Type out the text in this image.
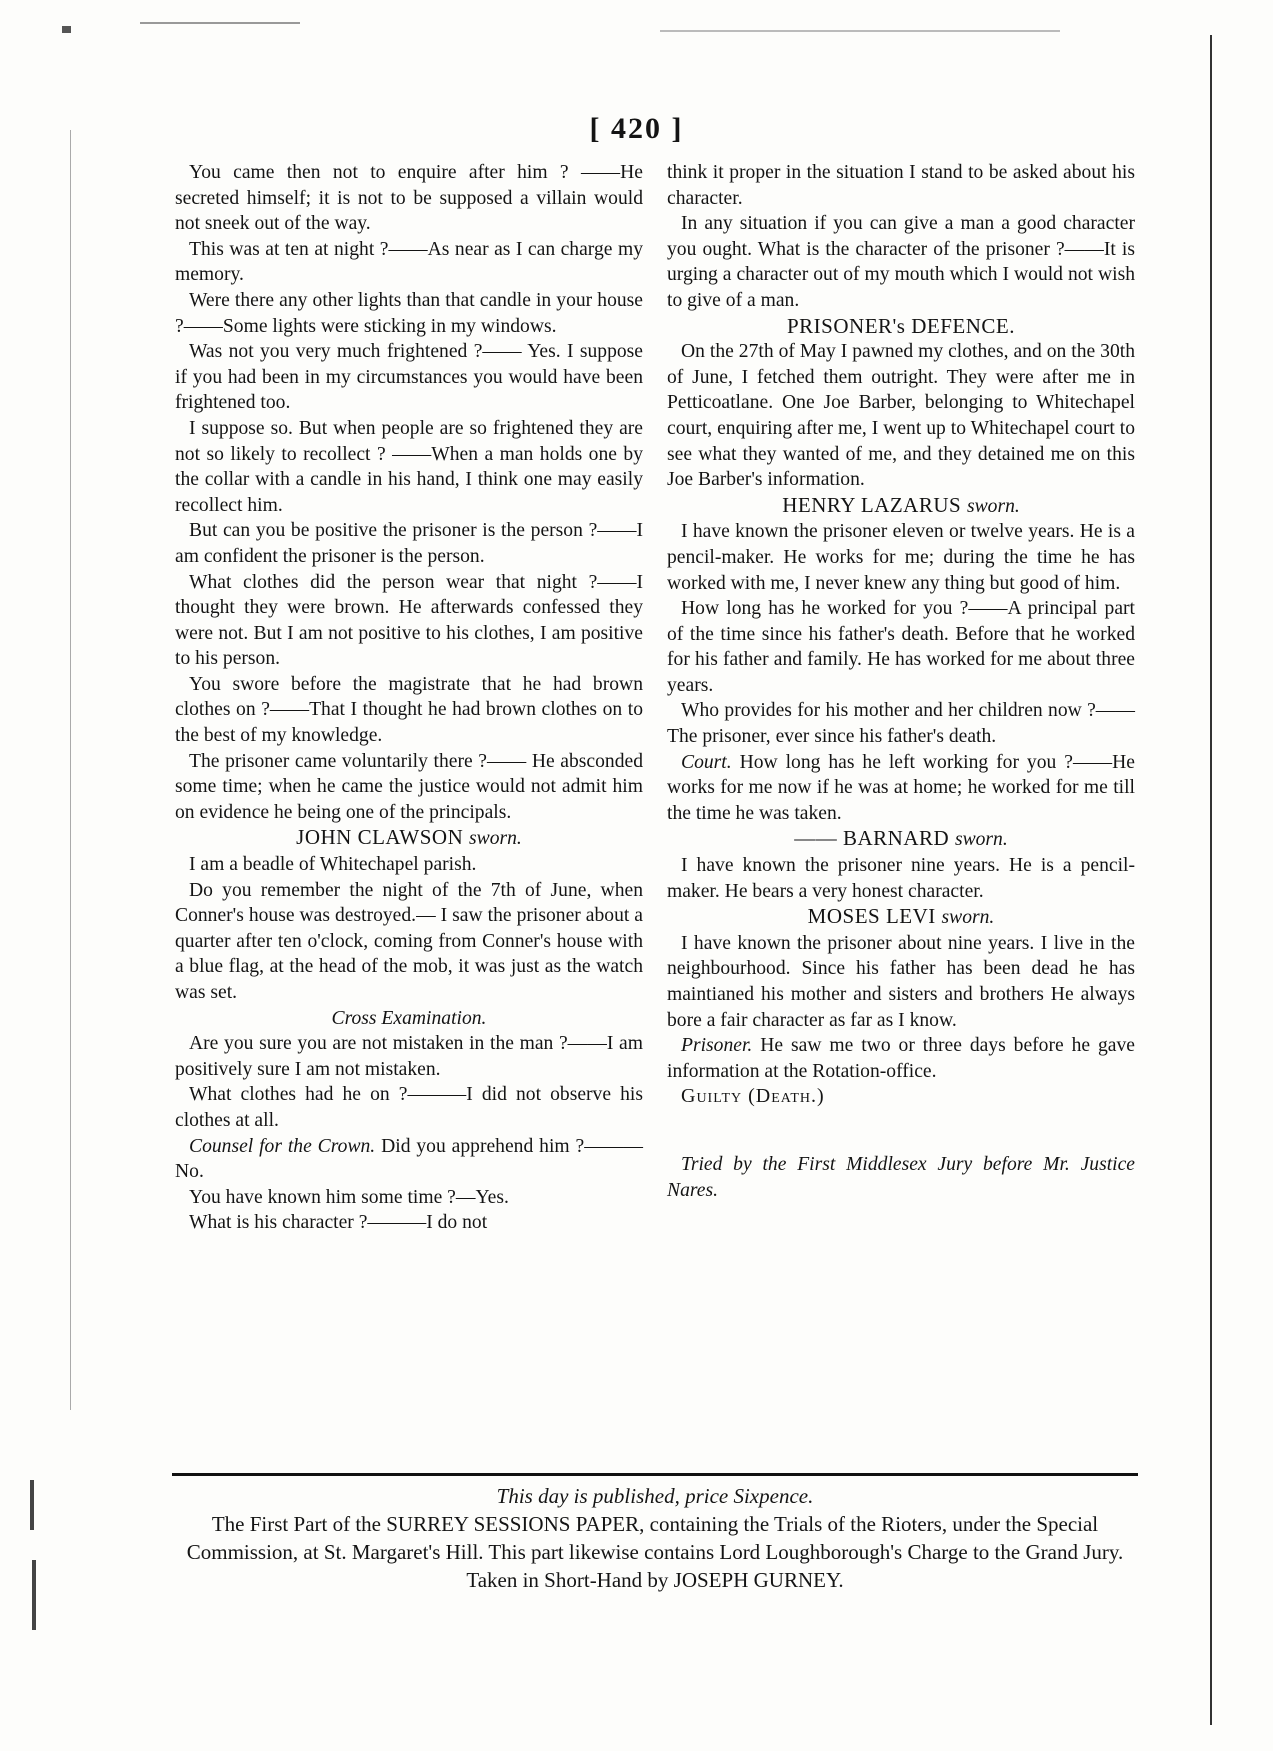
[ 420 ]

You came then not to enquire after him ? ——He secreted himself; it is not to be supposed a villain would not sneek out of the way.

This was at ten at night ?——As near as I can charge my memory.

Were there any other lights than that candle in your house ?——Some lights were sticking in my windows.

Was not you very much frightened ?—— Yes. I suppose if you had been in my circumstances you would have been frightened too.

I suppose so. But when people are so frightened they are not so likely to recollect ? ——When a man holds one by the collar with a candle in his hand, I think one may easily recollect him.

But can you be positive the prisoner is the person ?——I am confident the prisoner is the person.

What clothes did the person wear that night ?——I thought they were brown. He afterwards confessed they were not. But I am not positive to his clothes, I am positive to his person.

You swore before the magistrate that he had brown clothes on ?——That I thought he had brown clothes on to the best of my knowledge.

The prisoner came voluntarily there ?—— He absconded some time; when he came the justice would not admit him on evidence he being one of the principals.

JOHN CLAWSON sworn.

I am a beadle of Whitechapel parish.

Do you remember the night of the 7th of June, when Conner's house was destroyed.— I saw the prisoner about a quarter after ten o'clock, coming from Conner's house with a blue flag, at the head of the mob, it was just as the watch was set.

Cross Examination.

Are you sure you are not mistaken in the man ?——I am positively sure I am not mistaken.

What clothes had he on ?———I did not observe his clothes at all.

Counsel for the Crown. Did you apprehend him ?———No.

You have known him some time ?—Yes.

What is his character ?———I do not

think it proper in the situation I stand to be asked about his character.

In any situation if you can give a man a good character you ought. What is the character of the prisoner ?——It is urging a character out of my mouth which I would not wish to give of a man.

PRISONER's DEFENCE.

On the 27th of May I pawned my clothes, and on the 30th of June, I fetched them outright. They were after me in Petticoatlane. One Joe Barber, belonging to Whitechapel court, enquiring after me, I went up to Whitechapel court to see what they wanted of me, and they detained me on this Joe Barber's information.

HENRY LAZARUS sworn.

I have known the prisoner eleven or twelve years. He is a pencil-maker. He works for me; during the time he has worked with me, I never knew any thing but good of him.

How long has he worked for you ?——A principal part of the time since his father's death. Before that he worked for his father and family. He has worked for me about three years.

Who provides for his mother and her children now ?——The prisoner, ever since his father's death.

Court. How long has he left working for you ?——He works for me now if he was at home; he worked for me till the time he was taken.

—— BARNARD sworn.

I have known the prisoner nine years. He is a pencil-maker. He bears a very honest character.

MOSES LEVI sworn.

I have known the prisoner about nine years. I live in the neighbourhood. Since his father has been dead he has maintianed his mother and sisters and brothers He always bore a fair character as far as I know.

Prisoner. He saw me two or three days before he gave information at the Rotation-office.

Guilty (Death.)

Tried by the First Middlesex Jury before Mr. Justice Nares.

This day is published, price Sixpence.

The First Part of the SURREY SESSIONS PAPER, containing the Trials of the Rioters, under the Special Commission, at St. Margaret's Hill. This part likewise contains Lord Loughborough's Charge to the Grand Jury. Taken in Short-Hand by JOSEPH GURNEY.
